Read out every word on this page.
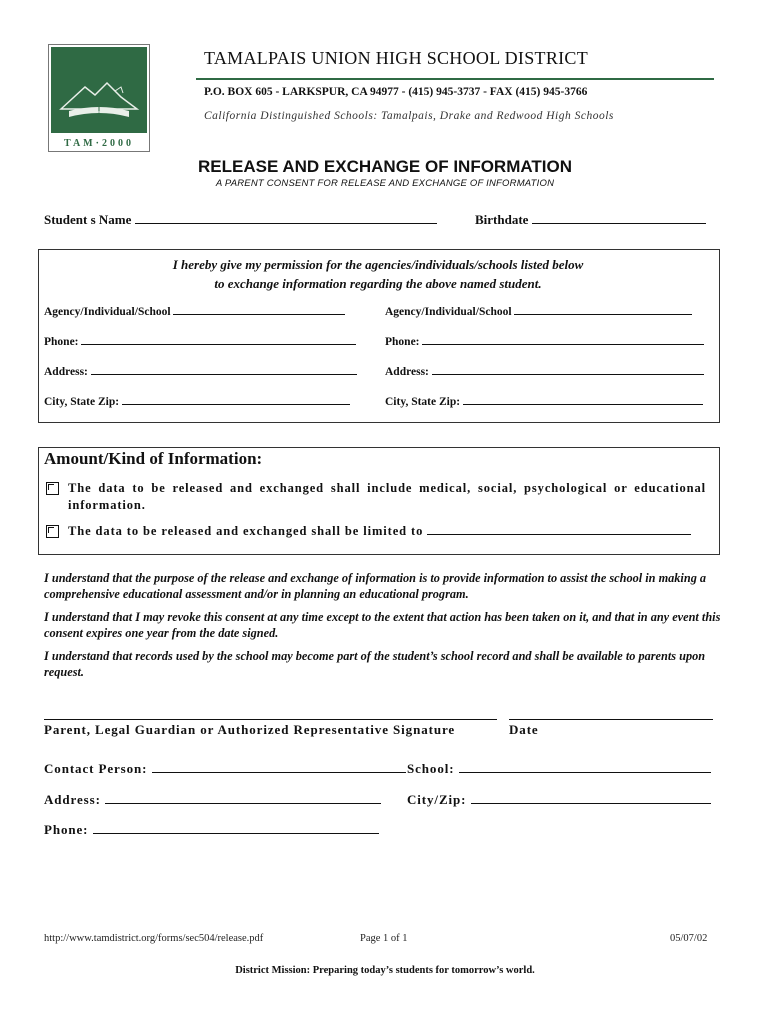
TAM·2000
TAMALPAIS UNION HIGH SCHOOL DISTRICT
P.O. BOX 605 - LARKSPUR, CA 94977 - (415) 945-3737 - FAX (415) 945-3766
California Distinguished Schools: Tamalpais, Drake and Redwood High Schools
RELEASE AND EXCHANGE OF INFORMATION
A PARENT CONSENT FOR RELEASE AND EXCHANGE OF INFORMATION
Student s Name	Birthdate
I hereby give my permission for the agencies/individuals/schools listed below
to exchange information regarding the above named student.
Agency/Individual/School	Agency/Individual/School
Phone:	Phone:
Address:	Address:
City, State Zip:	City, State Zip:
Amount/Kind of Information:
The data to be released and exchanged shall include medical, social, psychological or educational information.
The data to be released and exchanged shall be limited to
I understand that the purpose of the release and exchange of information is to provide information to assist the school in making a comprehensive educational assessment and/or in planning an educational program.
I understand that I may revoke this consent at any time except to the extent that action has been taken on it, and that in any event this consent expires one year from the date signed.
I understand that records used by the school may become part of the student’s school record and shall be available to parents upon request.
Parent, Legal Guardian or Authorized Representative Signature	Date
Contact Person:	School:
Address:	City/Zip:
Phone:
http://www.tamdistrict.org/forms/sec504/release.pdf	Page 1 of 1	05/07/02
District Mission: Preparing today’s students for tomorrow’s world.
